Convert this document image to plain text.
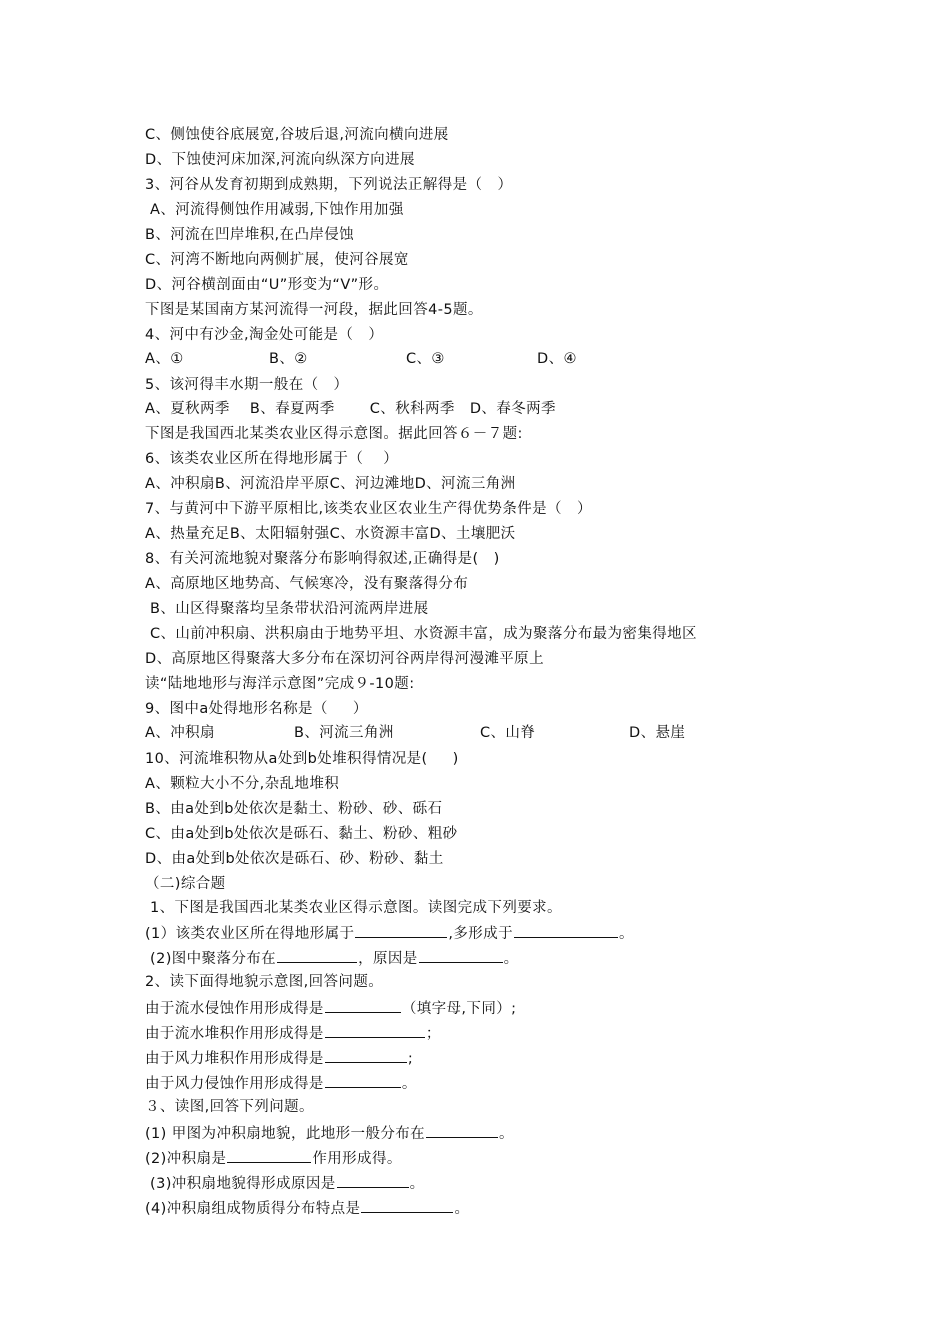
C、侧蚀使谷底展宽,谷坡后退,河流向横向进展
D、下蚀使河床加深,河流向纵深方向进展
3、河谷从发育初期到成熟期，下列说法正解得是（   ）
A、河流得侧蚀作用减弱,下蚀作用加强
B、河流在凹岸堆积,在凸岸侵蚀
C、河湾不断地向两侧扩展，使河谷展宽
D、河谷横剖面由“U”形变为“V”形。
下图是某国南方某河流得一河段，据此回答4-5题。
4、河中有沙金,淘金处可能是（   ）
5、该河得丰水期一般在（   ）
A、夏秋两季    B、春夏两季       C、秋科两季   D、春冬两季
下图是我国西北某类农业区得示意图。据此回答６－７题:
6、该类农业区所在得地形属于（    ）
A、冲积扇B、河流沿岸平原C、河边滩地D、河流三角洲
7、与黄河中下游平原相比,该类农业区农业生产得优势条件是（   ）
A、热量充足B、太阳辐射强C、水资源丰富D、土壤肥沃
8、有关河流地貌对聚落分布影响得叙述,正确得是(   )
A、高原地区地势高、气候寒冷，没有聚落得分布
B、山区得聚落均呈条带状沿河流两岸进展
C、山前冲积扇、洪积扇由于地势平坦、水资源丰富，成为聚落分布最为密集得地区
D、高原地区得聚落大多分布在深切河谷两岸得河漫滩平原上
读“陆地地形与海洋示意图”完成９-10题:
9、图中a处得地形名称是（     ）
10、河流堆积物从a处到b处堆积得情况是(     )
A、颗粒大小不分,杂乱地堆积
B、由a处到b处依次是黏土、粉砂、砂、砾石
C、由a处到b处依次是砾石、黏土、粉砂、粗砂
D、由a处到b处依次是砾石、砂、粉砂、黏土
（二)综合题
1、下图是我国西北某类农业区得示意图。读图完成下列要求。

A、①

	B、②

	C、③

	D、④

A、冲积扇

	B、河流三角洲

	C、山脊

	D、悬崖

(1）该类农业区所在得地形属于	,多形成于	。
(2)图中聚落分布在	，原因是	。
2、读下面得地貌示意图,回答问题。
由于流水侵蚀作用形成得是	（填字母,下同）;
由于流水堆积作用形成得是	；
由于风力堆积作用形成得是	;
由于风力侵蚀作用形成得是	。
３、读图,回答下列问题。
(1) 甲图为冲积扇地貌，此地形一般分布在	。
(2)冲积扇是	作用形成得。
(3)冲积扇地貌得形成原因是	。
(4)冲积扇组成物质得分布特点是	。
